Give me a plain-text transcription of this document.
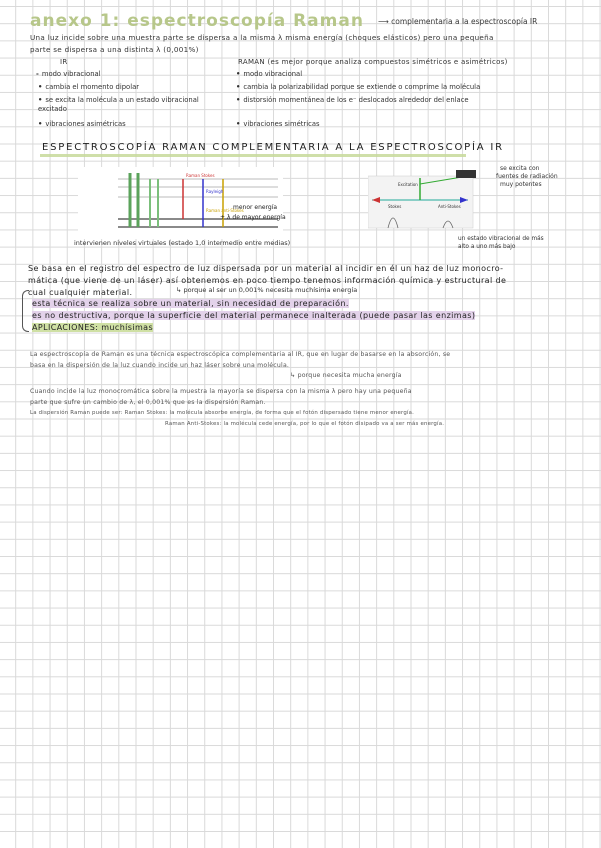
anexo 1: espectroscopía Raman ⟶ complementaria a la espectroscopía IR
Una luz incide sobre una muestra parte se dispersa a la misma λ misma energía (choques elásticos) pero una pequeña
parte se dispersa a una distinta λ (0,001%)
IR
- modo vibracional
• cambia el momento dipolar
• se excita la molécula a un estado vibracional excitado
• vibraciones asimétricas
RAMAN (es mejor porque analiza compuestos simétricos e asimétricos)
• modo vibracional
• cambia la polarizabilidad porque se extiende o comprime la molécula
• distorsión momentánea de los e⁻ deslocados alrededor del enlace
• vibraciones simétricas
ESPECTROSCOPÍA RAMAN COMPLEMENTARIA A LA ESPECTROSCOPÍA IR
Raman Stokes
Rayleigh
Raman anti-Stokes
menor energía
+ λ de mayor energía
intervienen niveles virtuales (estado 1,0 intermedio entre medias)
Excitation
Stokes	Anti-Stokes
se excita con
fuentes de radiación
muy potentes
un estado vibracional de más
alto a uno más bajo
Se basa en el registro del espectro de luz dispersada por un material al incidir en él un haz de luz monocro-
mática (que viene de un láser) así obtenemos en poco tiempo tenemos información química y estructural de
cual cualquier material.	↳ porque al ser un 0,001% necesita muchísima energía
esta técnica se realiza sobre un material, sin necesidad de preparación.
es no destructiva, porque la superficie del material permanece inalterada (puede pasar las enzimas)
APLICACIONES: muchísimas
La espectroscopía de Raman es una técnica espectroscópica complementaria al IR, que en lugar de basarse en la absorción, se
basa en la dispersión de la luz cuando incide un haz láser sobre una molécula.
↳ porque necesita mucha energía
Cuando incide la luz monocromática sobre la muestra la mayoría se dispersa con la misma λ pero hay una pequeña
parte que sufre un cambio de λ, el 0,001% que es la dispersión Raman.
La dispersión Raman puede ser: Raman Stokes: la molécula absorbe energía, de forma que el fotón dispersado tiene menor energía.
Raman Anti-Stokes: la molécula cede energía, por lo que el fotón disipado va a ser más energía.
